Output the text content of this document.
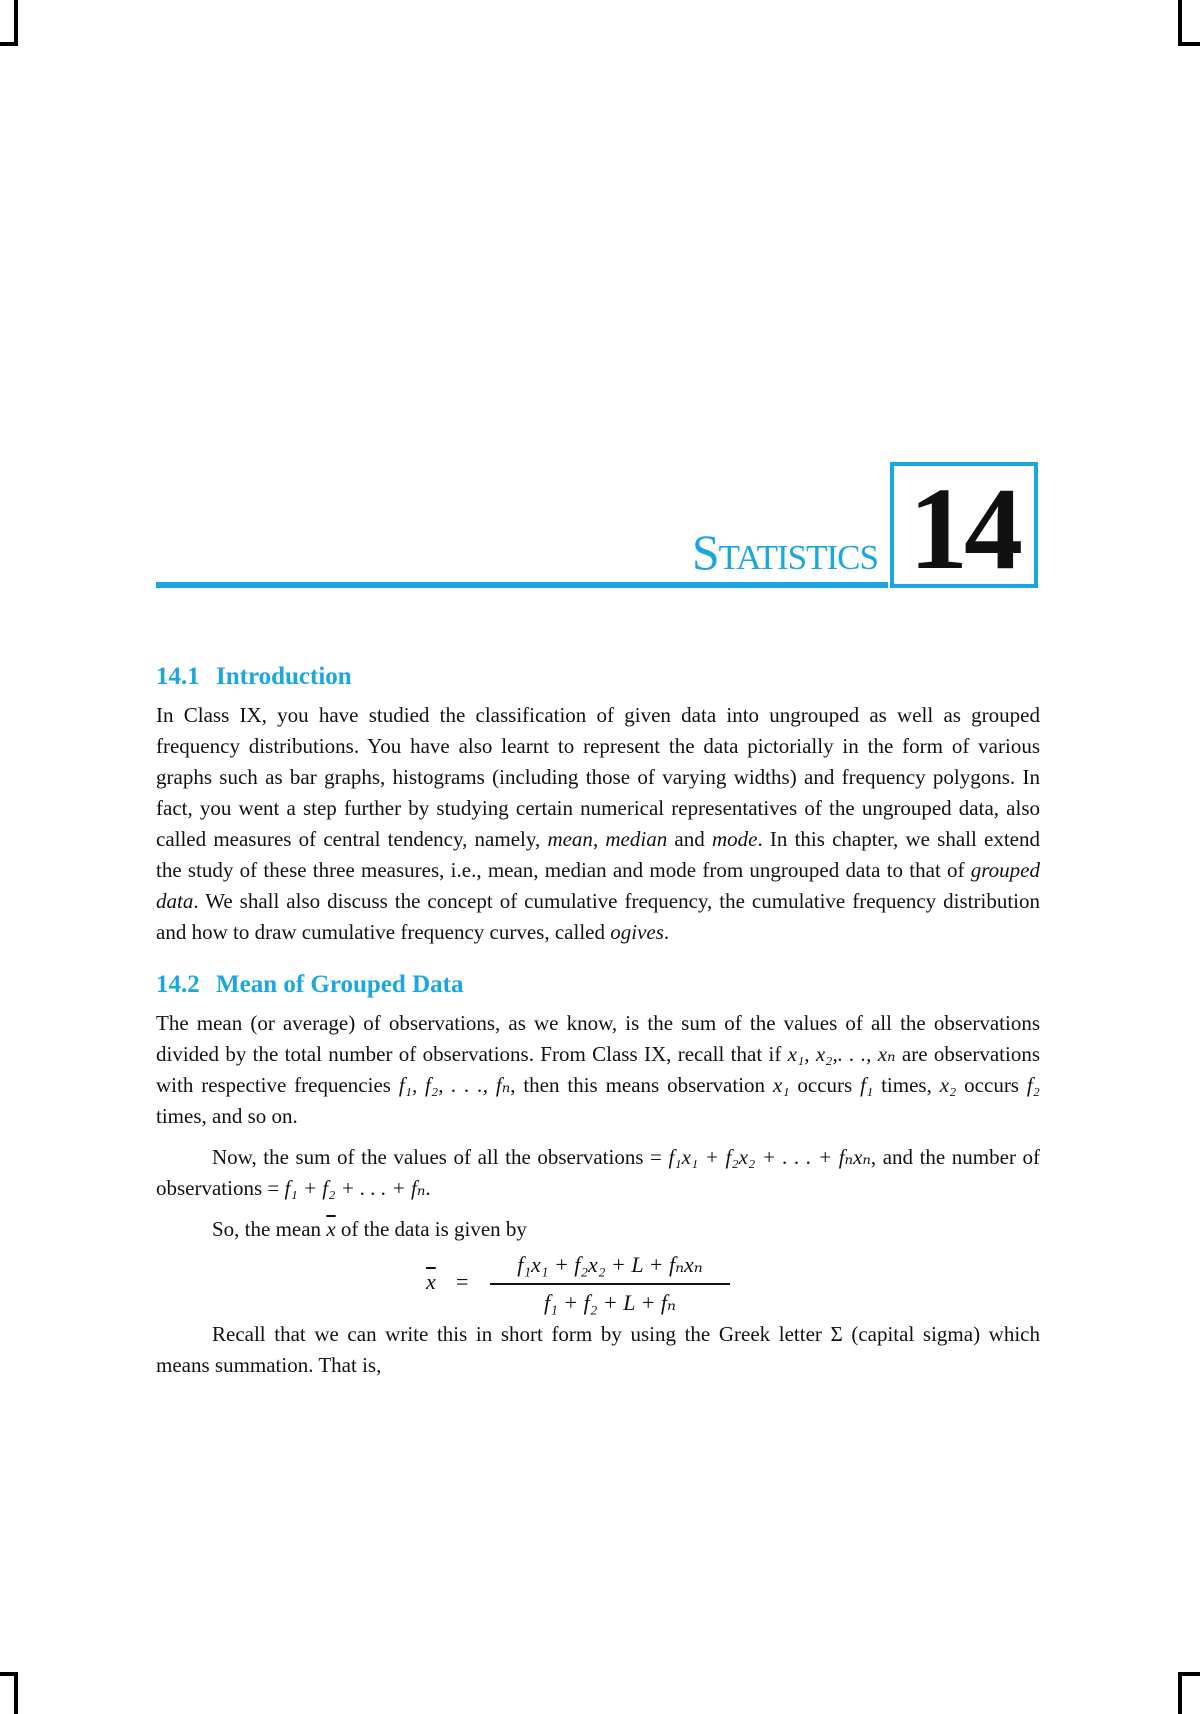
Statistics 14
14.1 Introduction

In Class IX, you have studied the classification of given data into ungrouped as well as grouped frequency distributions. You have also learnt to represent the data pictorially in the form of various graphs such as bar graphs, histograms (including those of varying widths) and frequency polygons. In fact, you went a step further by studying certain numerical representatives of the ungrouped data, also called measures of central tendency, namely, mean, median and mode. In this chapter, we shall extend the study of these three measures, i.e., mean, median and mode from ungrouped data to that of grouped data. We shall also discuss the concept of cumulative frequency, the cumulative frequency distribution and how to draw cumulative frequency curves, called ogives.

14.2 Mean of Grouped Data

The mean (or average) of observations, as we know, is the sum of the values of all the observations divided by the total number of observations. From Class IX, recall that if x₁, x₂,. . ., xₙ are observations with respective frequencies f₁, f₂, . . ., fₙ, then this means observation x₁ occurs f₁ times, x₂ occurs f₂ times, and so on.

Now, the sum of the values of all the observations = f₁x₁ + f₂x₂ + . . . + fₙxₙ, and the number of observations = f₁ + f₂ + . . . + fₙ.

So, the mean $\overline{x}$ of the data is given by

$\overline{x}$ =
f₁x₁ + f₂x₂ + L + fₙxₙ
f₁ + f₂ + L + fₙ

Recall that we can write this in short form by using the Greek letter Σ (capital sigma) which means summation. That is,
